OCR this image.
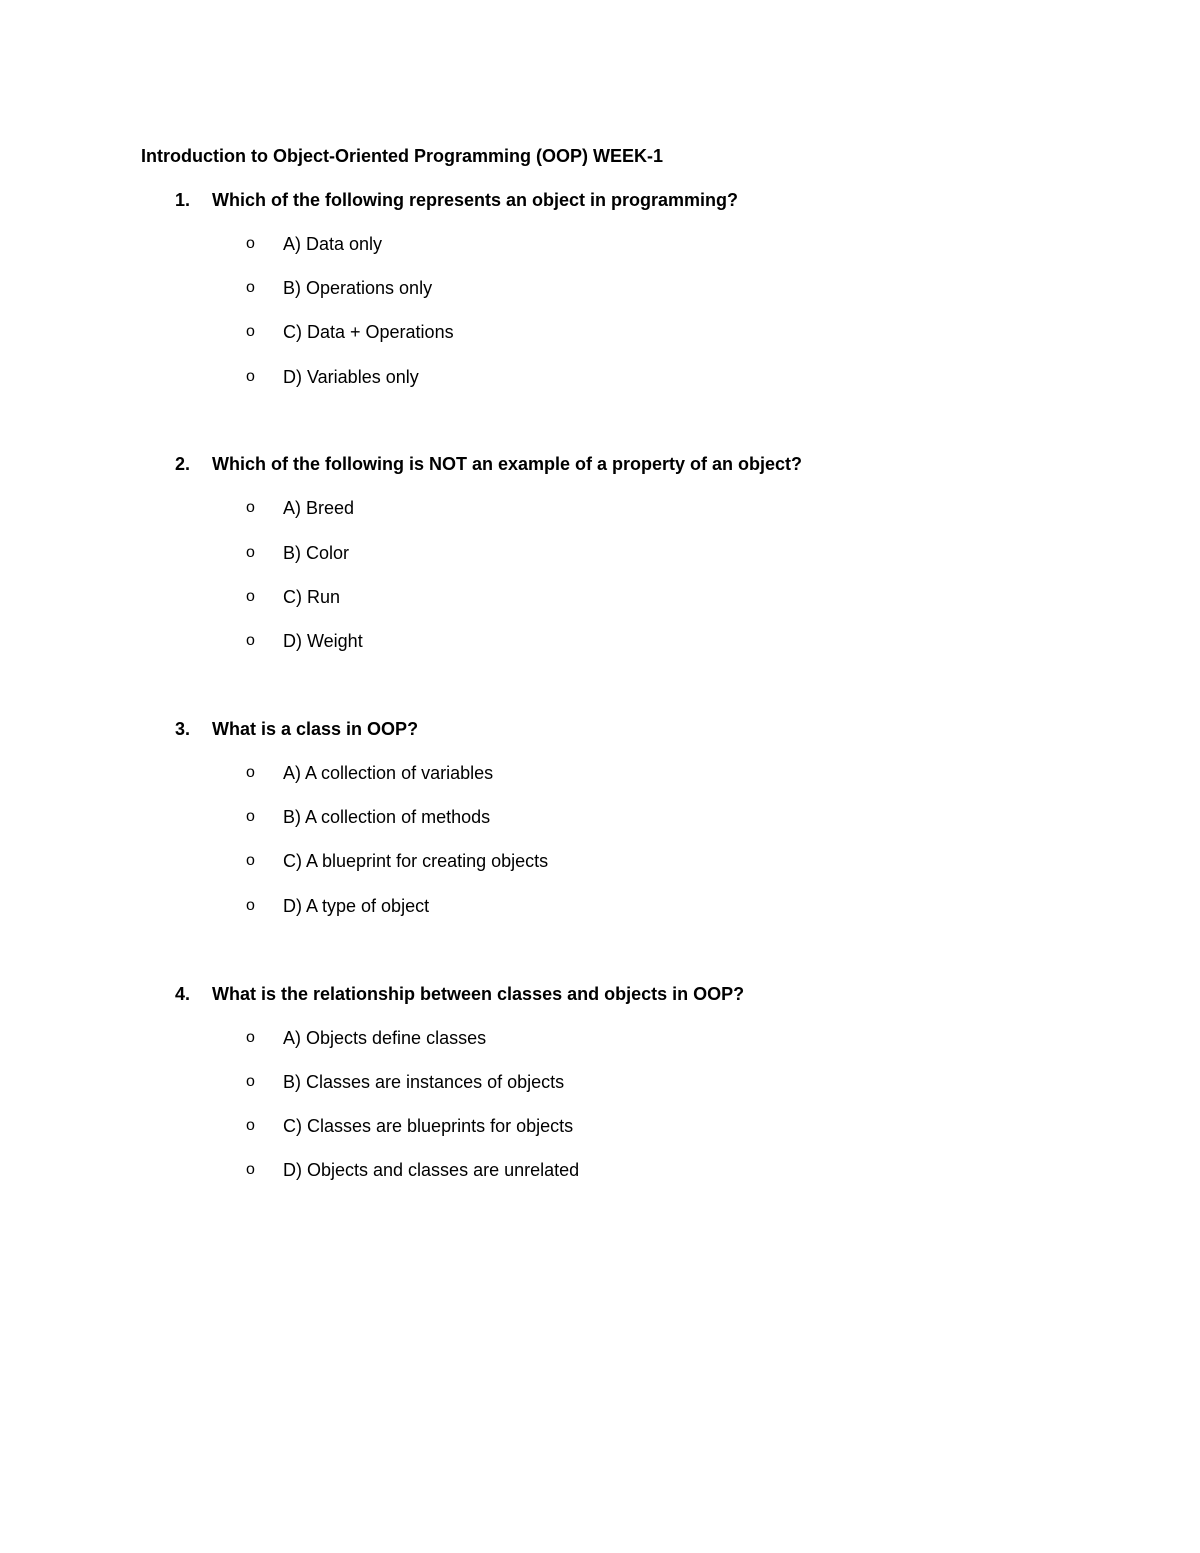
Introduction to Object-Oriented Programming (OOP) WEEK-1
1. Which of the following represents an object in programming?
o A) Data only
o B) Operations only
o C) Data + Operations
o D) Variables only
2. Which of the following is NOT an example of a property of an object?
o A) Breed
o B) Color
o C) Run
o D) Weight
3. What is a class in OOP?
o A) A collection of variables
o B) A collection of methods
o C) A blueprint for creating objects
o D) A type of object
4. What is the relationship between classes and objects in OOP?
o A) Objects define classes
o B) Classes are instances of objects
o C) Classes are blueprints for objects
o D) Objects and classes are unrelated
